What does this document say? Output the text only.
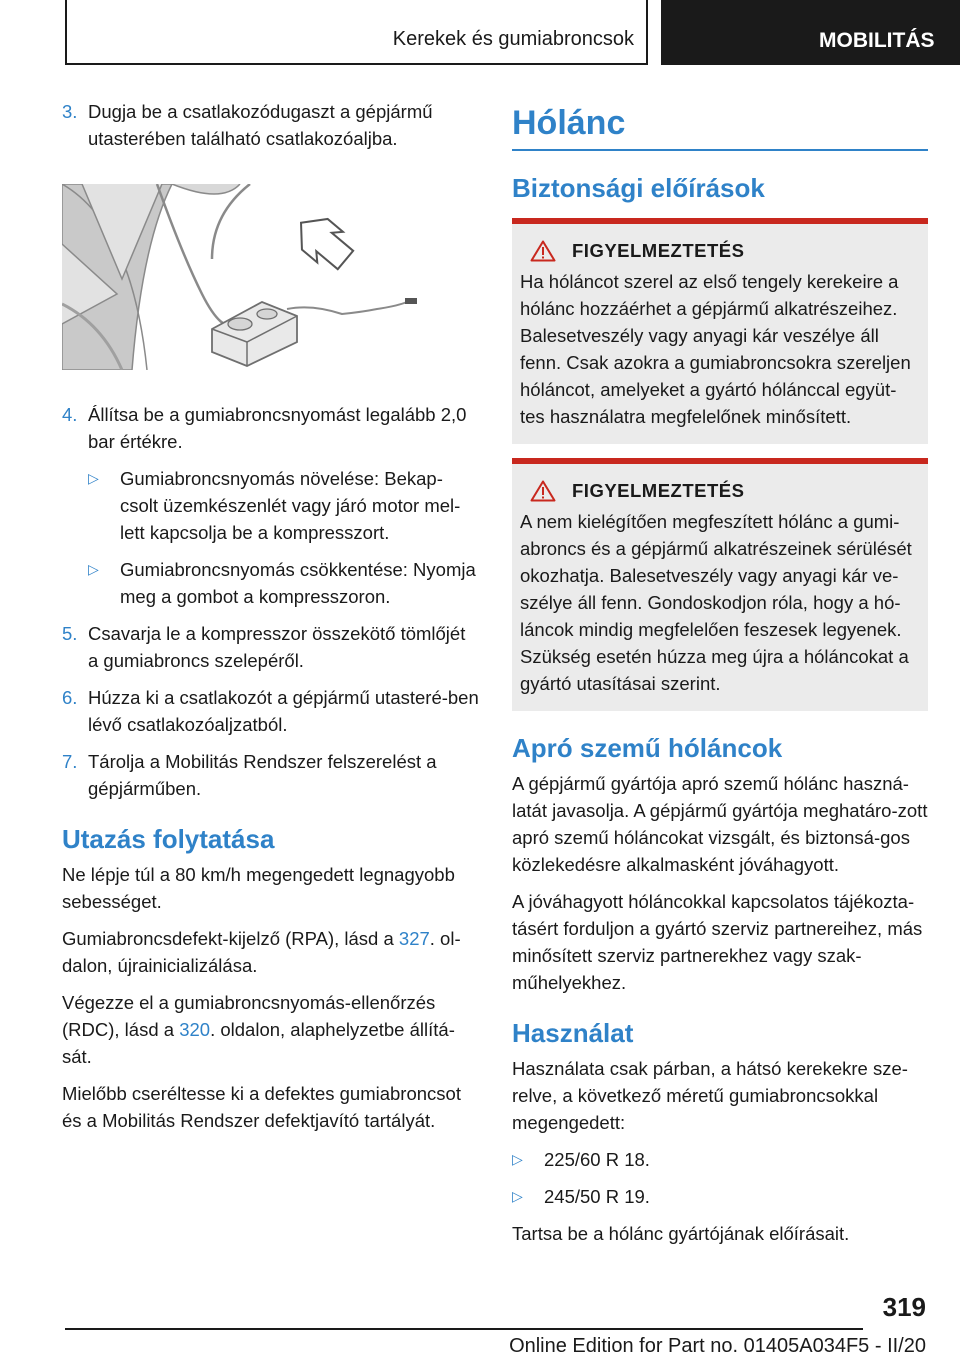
Kerekek és gumiabroncsok	MOBILITÁS
3. Dugja be a csatlakozódugaszt a gépjármű utasterében található csatlakozóaljba.
4. Állítsa be a gumiabroncsnyomást legalább 2,0 bar értékre.
▷	Gumiabroncsnyomás növelése: Bekap-csolt üzemkészenlét vagy járó motor mel-lett kapcsolja be a kompresszort.
▷	Gumiabroncsnyomás csökkentése: Nyomja meg a gombot a kompresszoron.
5. Csavarja le a kompresszor összekötő tömlőjét a gumiabroncs szelepéről.
6. Húzza ki a csatlakozót a gépjármű utasteré-ben lévő csatlakozóaljzatból.
7. Tárolja a Mobilitás Rendszer felszerelést a gépjárműben.
Utazás folytatása

Ne lépje túl a 80 km/h megengedett legnagyobb sebességet.

Gumiabroncsdefekt-kijelző (RPA), lásd a 327. ol-dalon, újrainicializálása.

Végezze el a gumiabroncsnyomás-ellenőrzés (RDC), lásd a 320. oldalon, alaphelyzetbe állítá-sát.

Mielőbb cseréltesse ki a defektes gumiabroncsot és a Mobilitás Rendszer defektjavító tartályát.

Hólánc
Biztonsági előírások
FIGYELMEZTETÉS

Ha hóláncot szerel az első tengely kerekeire a hólánc hozzáérhet a gépjármű alkatrészeihez. Balesetveszély vagy anyagi kár veszélye áll fenn. Csak azokra a gumiabroncsokra szereljen hóláncot, amelyeket a gyártó hólánccal együt-tes használatra megfelelőnek minősített.

FIGYELMEZTETÉS

A nem kielégítően megfeszített hólánc a gumi-abroncs és a gépjármű alkatrészeinek sérülését okozhatja. Balesetveszély vagy anyagi kár ve-szélye áll fenn. Gondoskodjon róla, hogy a hó-láncok mindig megfelelően feszesek legyenek. Szükség esetén húzza meg újra a hóláncokat a gyártó utasításai szerint.

Apró szemű hóláncok

A gépjármű gyártója apró szemű hólánc haszná-latát javasolja. A gépjármű gyártója meghatáro-zott apró szemű hóláncokat vizsgált, és biztonsá-gos közlekedésre alkalmasként jóváhagyott.

A jóváhagyott hóláncokkal kapcsolatos tájékozta-tásért forduljon a gyártó szerviz partnereihez, más minősített szerviz partnerekhez vagy szak-műhelyekhez.

Használat

Használata csak párban, a hátsó kerekekre sze-relve, a következő méretű gumiabroncsokkal megengedett:

▷	225/60 R 18.
▷	245/50 R 19.

Tartsa be a hólánc gyártójának előírásait.

319
Online Edition for Part no. 01405A034F5 - II/20
